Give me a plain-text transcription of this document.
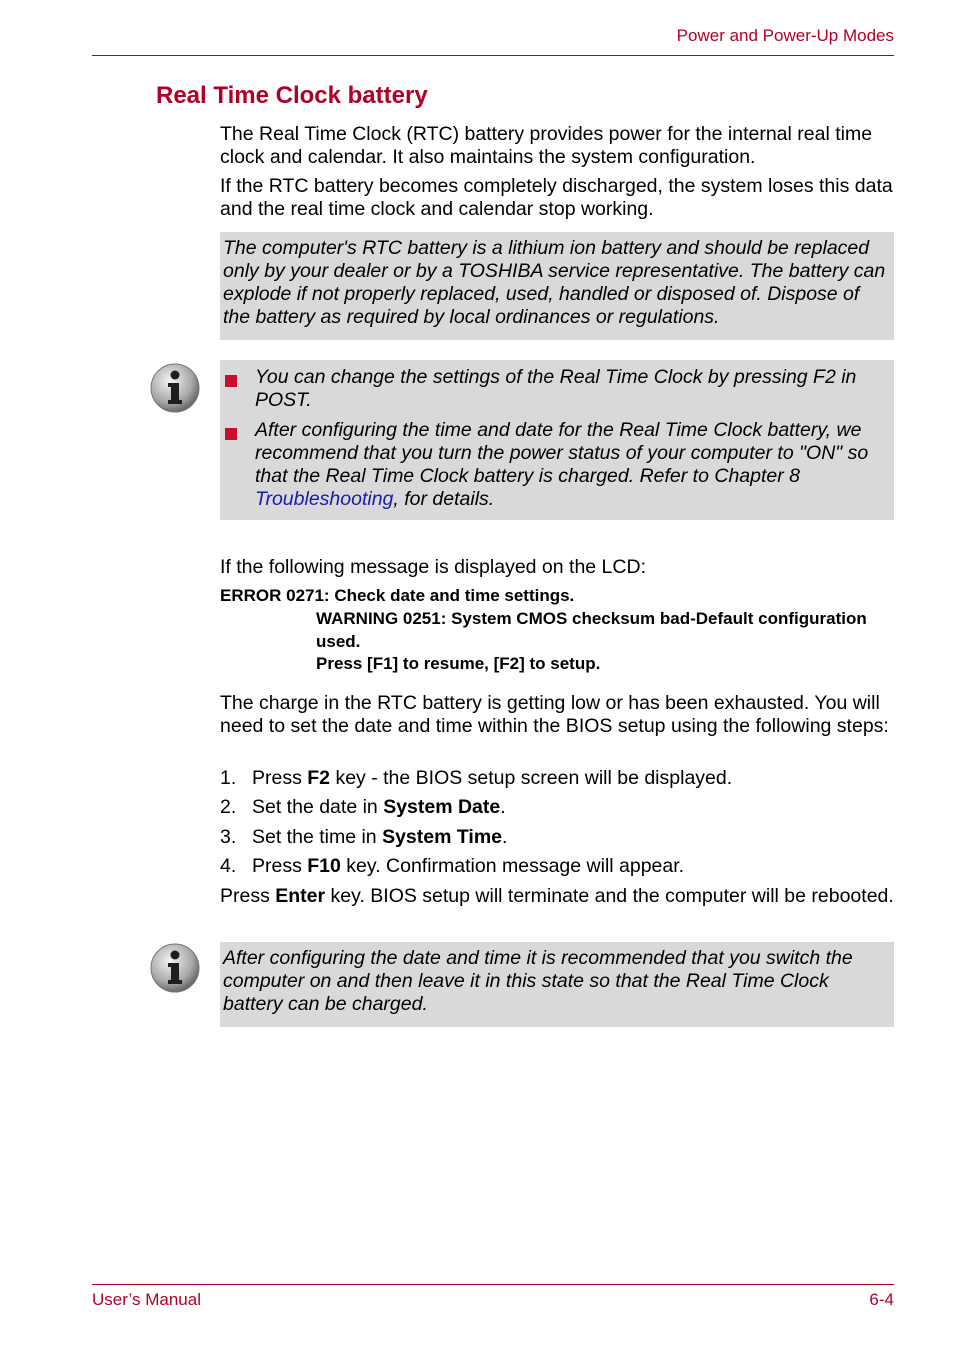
Power and Power-Up Modes
Real Time Clock battery

The Real Time Clock (RTC) battery provides power for the internal real time clock and calendar. It also maintains the system configuration.

If the RTC battery becomes completely discharged, the system loses this data and the real time clock and calendar stop working.

The computer's RTC battery is a lithium ion battery and should be replaced only by your dealer or by a TOSHIBA service representative. The battery can explode if not properly replaced, used, handled or disposed of. Dispose of the battery as required by local ordinances or regulations.

You can change the settings of the Real Time Clock by pressing F2 in POST.

After configuring the time and date for the Real Time Clock battery, we recommend that you turn the power status of your computer to "ON" so that the Real Time Clock battery is charged. Refer to Chapter 8 Troubleshooting, for details.

If the following message is displayed on the LCD:

ERROR 0271: Check date and time settings.
WARNING 0251: System CMOS checksum bad-Default configuration used.
Press [F1] to resume, [F2] to setup.

The charge in the RTC battery is getting low or has been exhausted. You will need to set the date and time within the BIOS setup using the following steps:

1. Press F2 key - the BIOS setup screen will be displayed.

2. Set the date in System Date.

3. Set the time in System Time.

4. Press F10 key. Confirmation message will appear.

Press Enter key. BIOS setup will terminate and the computer will be rebooted.

After configuring the date and time it is recommended that you switch the computer on and then leave it in this state so that the Real Time Clock battery can be charged.
User’s Manual	6-4
